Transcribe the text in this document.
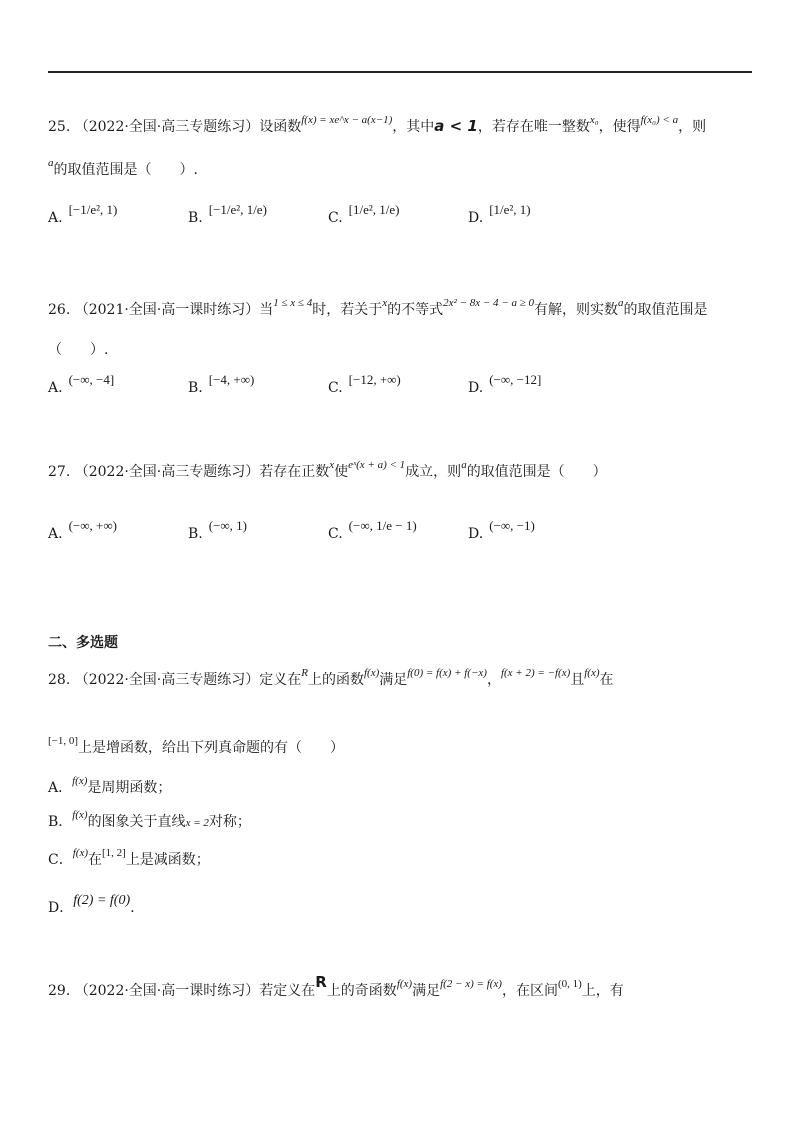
25. （2022·全国·高三专题练习）设函数$^{f(x) = xe\^{}x - a(x-1)}$，其中a < 1，若存在唯一整数$^{x_0}$，使得$^{f(x_0) < a}$，则
$^a$的取值范围是（　　）.
A.[−1/e², 1)
B.[−1/e², 1/e)
C.[1/e², 1/e)
D.[1/e², 1)
26. （2021·全国·高一课时练习）当$^{1 \le x \le 4}$时，若关于$^x$的不等式$^{2x^2 - 8x - 4 - a \ge 0}$有解，则实数$^a$的取值范围是
（　　）.
A.(−∞, −4]
B.[−4, +∞)
C.[−12, +∞)
D.(−∞, −12]
27. （2022·全国·高三专题练习）若存在正数$^x$使$^{eˣ(x + a) < 1}$成立，则$^a$的取值范围是（　　）
A.(−∞, +∞)
B.(−∞, 1)
C.(−∞, 1/e − 1)
D.(−∞, −1)
二、多选题
28. （2022·全国·高三专题练习）定义在$^R$上的函数$^{f(x)}$满足$^{f(0) = f(x) + f(-x)}$，$^{f(x + 2) = -f(x)}$且$^{f(x)}$在
[−1, 0]上是增函数，给出下列真命题的有（　　）
A．$^{f(x)}$是周期函数；
B．$^{f(x)}$的图象关于直线x = 2对称；
C．$^{f(x)}$在[1, 2]上是减函数；
D．f(2) = f(0).
29. （2022·全国·高一课时练习）若定义在R上的奇函数$^{f(x)}$满足$^{f(2 - x) = f(x)}$，在区间$^{(0, 1)}$上，有
